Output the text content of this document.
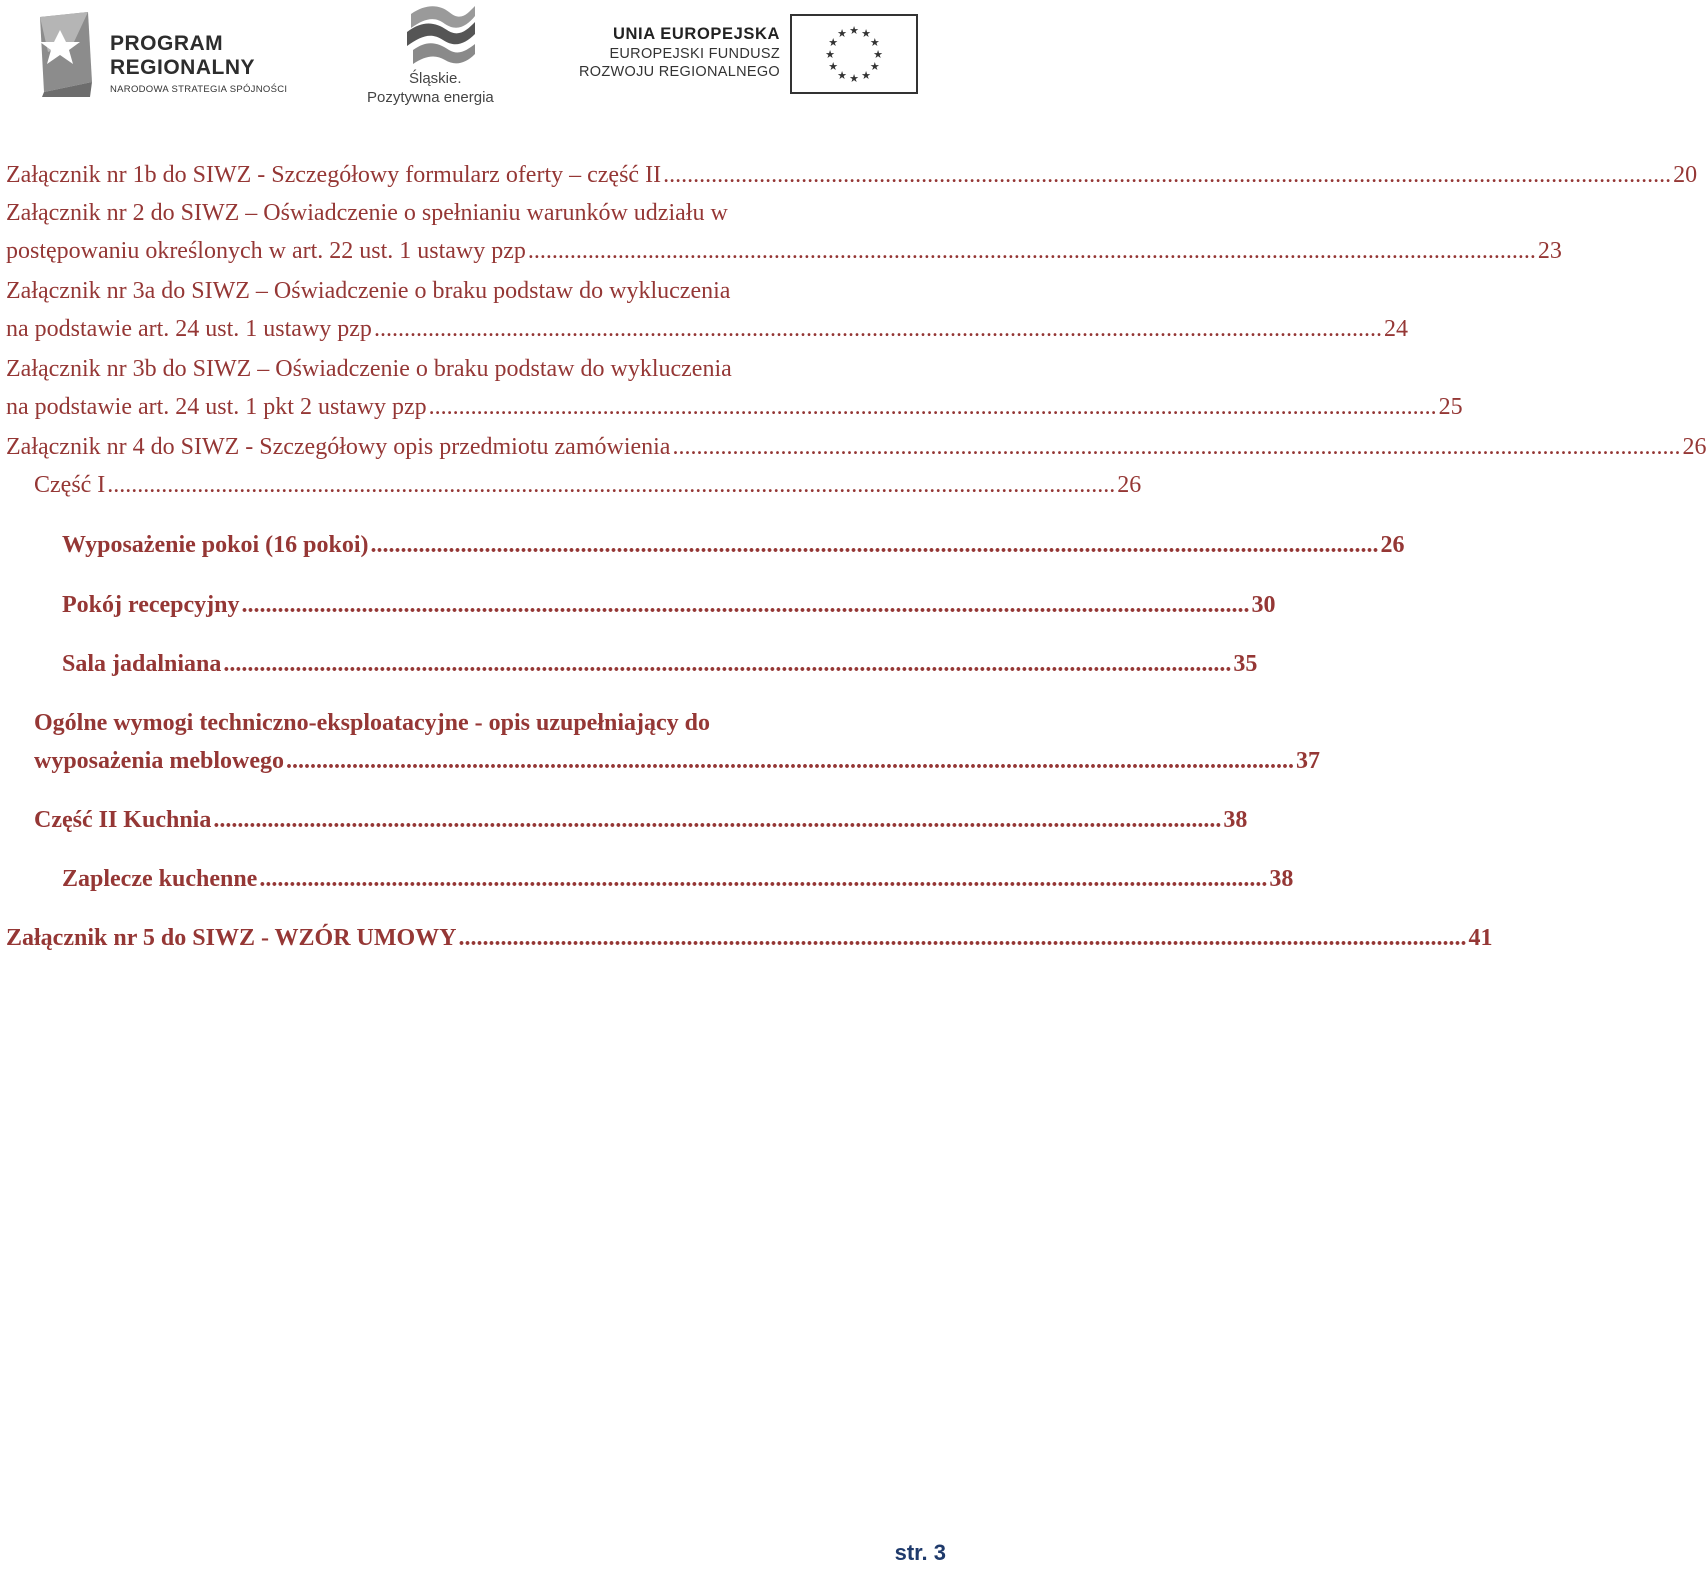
PROGRAM
REGIONALNY
NARODOWA STRATEGIA SPÓJNOŚCI
Śląskie.
Pozytywna energia
UNIA EUROPEJSKA
EUROPEJSKI FUNDUSZ
ROZWOJU REGIONALNEGO
★
★
★
★
★
★
★
★
★ ★ ★
★
Załącznik nr 1b do SIWZ - Szczegółowy formularz oferty – część II ........................................................................................................................................................................ 20
Załącznik nr 2 do SIWZ – Oświadczenie o spełnianiu warunków udziału w
postępowaniu określonych w art. 22 ust. 1 ustawy pzp ........................................................................................................................................................................ 23
Załącznik nr 3a do SIWZ – Oświadczenie o braku podstaw do wykluczenia
na podstawie art. 24 ust. 1 ustawy pzp ........................................................................................................................................................................ 24
Załącznik nr 3b do SIWZ – Oświadczenie o braku podstaw do wykluczenia
na podstawie art. 24 ust. 1 pkt 2 ustawy pzp ........................................................................................................................................................................ 25
Załącznik nr 4 do SIWZ - Szczegółowy opis przedmiotu zamówienia ........................................................................................................................................................................ 26
Część I ........................................................................................................................................................................ 26
Wyposażenie pokoi (16 pokoi) ........................................................................................................................................................................ 26
Pokój recepcyjny ........................................................................................................................................................................ 30
Sala jadalniana ........................................................................................................................................................................ 35
Ogólne wymogi techniczno-eksploatacyjne - opis uzupełniający do
wyposażenia meblowego ........................................................................................................................................................................ 37
Część II Kuchnia ........................................................................................................................................................................ 38
Zaplecze kuchenne ........................................................................................................................................................................ 38
Załącznik nr 5 do SIWZ - WZÓR UMOWY ........................................................................................................................................................................ 41
str. 3
